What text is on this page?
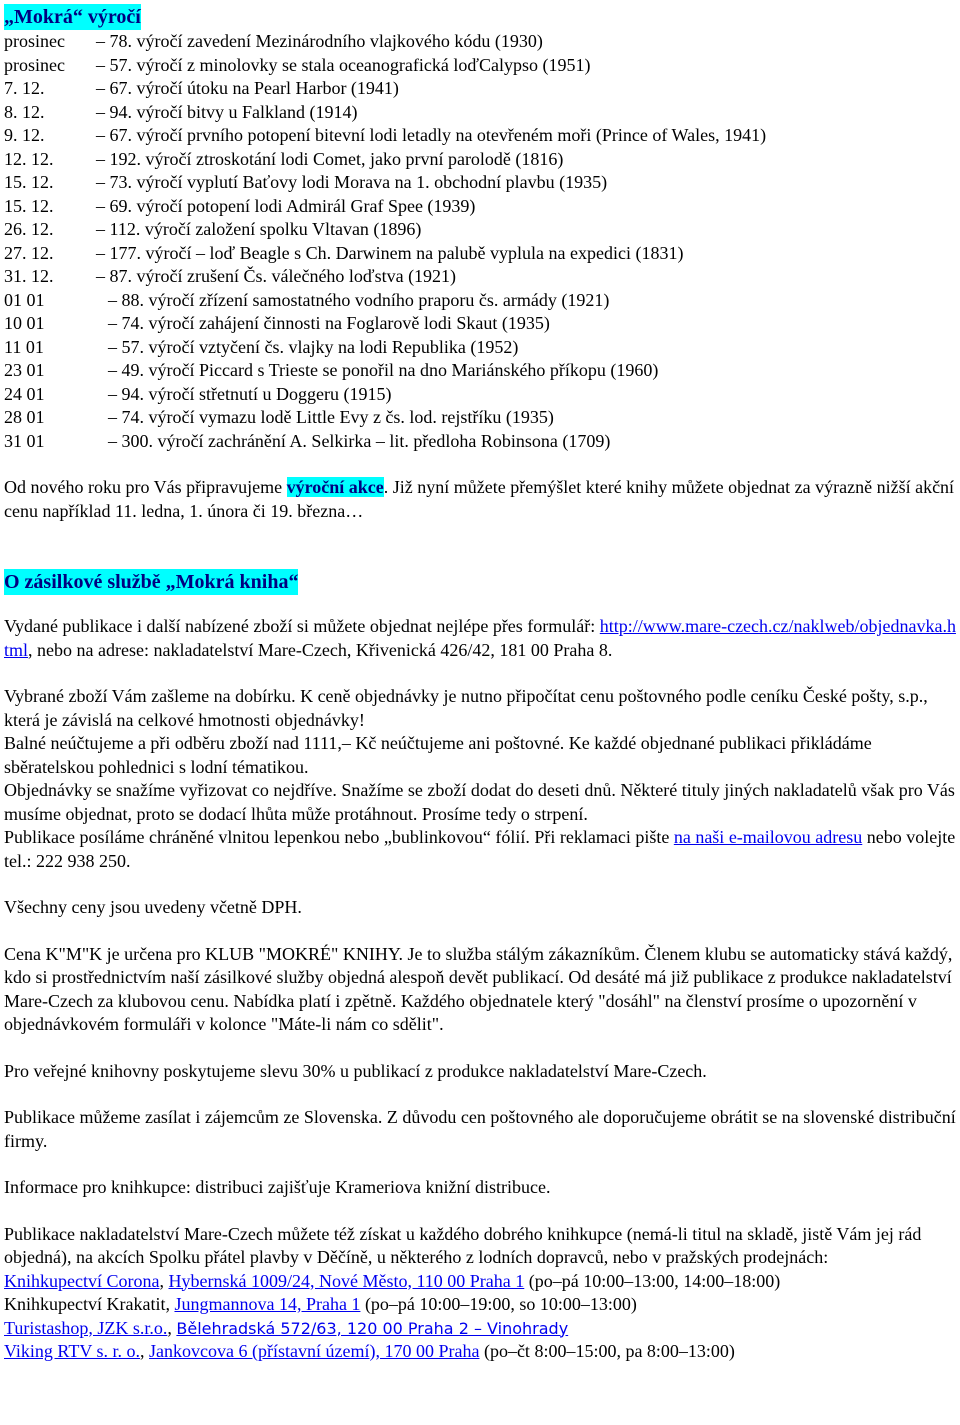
„Mokrá“ výročí
prosinec – 78. výročí zavedení Mezinárodního vlajkového kódu (1930)
prosinec – 57. výročí z minolovky se stala oceanografická loďCalypso (1951)
7. 12.	– 67. výročí útoku na Pearl Harbor (1941)
8. 12.	– 94. výročí bitvy u Falkland (1914)
9. 12.	– 67. výročí prvního potopení bitevní lodi letadly na otevřeném moři (Prince of Wales, 1941)
12. 12. – 192. výročí ztroskotání lodi Comet, jako první parolodě (1816)
15. 12. – 73. výročí vyplutí Baťovy lodi Morava na 1. obchodní plavbu (1935)
15. 12. – 69. výročí potopení lodi Admirál Graf Spee (1939)
26. 12. – 112. výročí založení spolku Vltavan (1896)
27. 12. – 177. výročí – loď Beagle s Ch. Darwinem na palubě vyplula na expedici (1831)
31. 12. – 87. výročí zrušení Čs. válečného loďstva (1921)
01 01	– 88. výročí zřízení samostatného vodního praporu čs. armády (1921)
10 01	– 74. výročí zahájení činnosti na Foglarově lodi Skaut (1935)
11 01	– 57. výročí vztyčení čs. vlajky na lodi Republika (1952)
23 01	– 49. výročí Piccard s Trieste se ponořil na dno Mariánského příkopu (1960)
24 01	– 94. výročí střetnutí u Doggeru (1915)
28 01	– 74. výročí vymazu lodě Little Evy z čs. lod. rejstříku (1935)
31 01	– 300. výročí zachránění A. Selkirka – lit. předloha Robinsona (1709)

Od nového roku pro Vás připravujeme výroční akce. Již nyní můžete přemýšlet které knihy můžete objednat za výrazně nižší akční cenu například 11. ledna, 1. února či 19. března…

O zásilkové službě „Mokrá kniha“

Vydané publikace i další nabízené zboží si můžete objednat nejlépe přes formulář: http://www.mare-czech.cz/naklweb/objednavka.html, nebo na adrese: nakladatelství Mare-Czech, Křivenická 426/42, 181 00 Praha 8.

Vybrané zboží Vám zašleme na dobírku. K ceně objednávky je nutno připočítat cenu poštovného podle ceníku České pošty, s.p., která je závislá na celkové hmotnosti objednávky!

Balné neúčtujeme a při odběru zboží nad 1111,– Kč neúčtujeme ani poštovné. Ke každé objednané publikaci přikládáme sběratelskou pohlednici s lodní tématikou.

Objednávky se snažíme vyřizovat co nejdříve. Snažíme se zboží dodat do deseti dnů. Některé tituly jiných nakladatelů však pro Vás musíme objednat, proto se dodací lhůta může protáhnout. Prosíme tedy o strpení.

Publikace posíláme chráněné vlnitou lepenkou nebo „bublinkovou“ fólií. Při reklamaci pište na naši e-mailovou adresu nebo volejte tel.: 222 938 250.

Všechny ceny jsou uvedeny včetně DPH.

Cena K"M"K je určena pro KLUB "MOKRÉ" KNIHY. Je to služba stálým zákazníkům. Členem klubu se automaticky stává každý, kdo si prostřednictvím naší zásilkové služby objedná alespoň devět publikací. Od desáté má již publikace z produkce nakladatelství Mare-Czech za klubovou cenu. Nabídka platí i zpětně. Každého objednatele který "dosáhl" na členství prosíme o upozornění v objednávkovém formuláři v kolonce "Máte-li nám co sdělit".

Pro veřejné knihovny poskytujeme slevu 30% u publikací z produkce nakladatelství Mare-Czech.

Publikace můžeme zasílat i zájemcům ze Slovenska. Z důvodu cen poštovného ale doporučujeme obrátit se na slovenské distribuční firmy.

Informace pro knihkupce: distribuci zajišťuje Krameriova knižní distribuce.

Publikace nakladatelství Mare-Czech můžete též získat u každého dobrého knihkupce (nemá-li titul na skladě, jistě Vám jej rád objedná), na akcích Spolku přátel plavby v Děčíně, u některého z lodních dopravců, nebo v pražských prodejnách:

Knihkupectví Corona, Hybernská 1009/24, Nové Město, 110 00 Praha 1 (po–pá 10:00–13:00, 14:00–18:00)

Knihkupectví Krakatit, Jungmannova 14, Praha 1 (po–pá 10:00–19:00, so 10:00–13:00)

Turistashop, JZK s.r.o., Bělehradská 572/63, 120 00 Praha 2 – Vinohrady

Viking RTV s. r. o., Jankovcova 6 (přístavní území), 170 00 Praha (po–čt 8:00–15:00, pa 8:00–13:00)
